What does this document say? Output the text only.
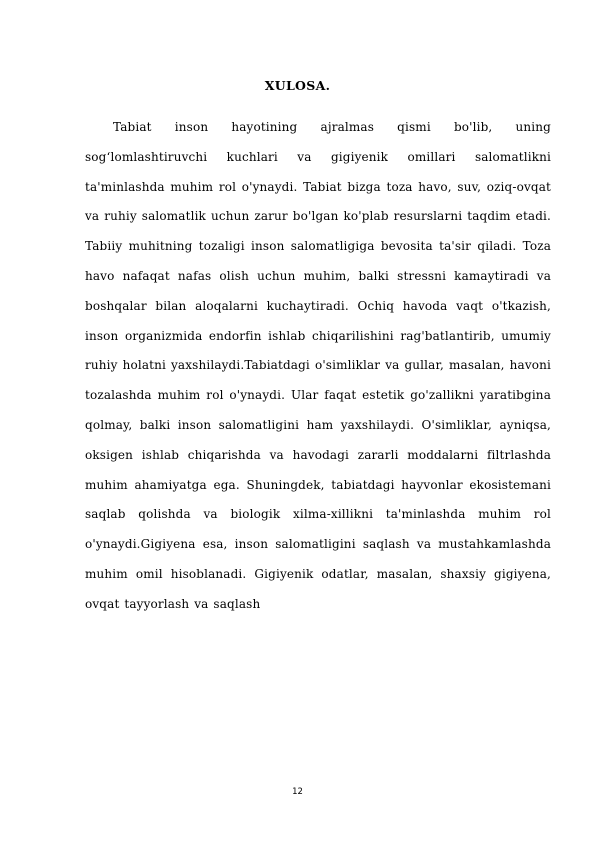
XULOSA.

Tabiat inson hayotining ajralmas qismi bo'lib, uning sog‘lomlashtiruvchi kuchlari va gigiyenik omillari salomatlikni ta'minlashda muhim rol o'ynaydi. Tabiat bizga toza havo, suv, oziq-ovqat va ruhiy salomatlik uchun zarur bo'lgan ko'plab resurslarni taqdim etadi. Tabiiy muhitning tozaligi inson salomatligiga bevosita ta'sir qiladi. Toza havo nafaqat nafas olish uchun muhim, balki stressni kamaytiradi va boshqalar bilan aloqalarni kuchaytiradi. Ochiq havoda vaqt o'tkazish, inson organizmida endorfin ishlab chiqarilishini rag'batlantirib, umumiy ruhiy holatni yaxshilaydi.Tabiatdagi o'simliklar va gullar, masalan, havoni tozalashda muhim rol o'ynaydi. Ular faqat estetik go'zallikni yaratibgina qolmay, balki inson salomatligini ham yaxshilaydi. O'simliklar, ayniqsa, oksigen ishlab chiqarishda va havodagi zararli moddalarni filtrlashda muhim ahamiyatga ega. Shuningdek, tabiatdagi hayvonlar ekosistemani saqlab qolishda va biologik xilma-xillikni ta'minlashda muhim rol o'ynaydi.Gigiyena esa, inson salomatligini saqlash va mustahkamlashda muhim omil hisoblanadi. Gigiyenik odatlar, masalan, shaxsiy gigiyena, ovqat tayyorlash va saqlash

12
